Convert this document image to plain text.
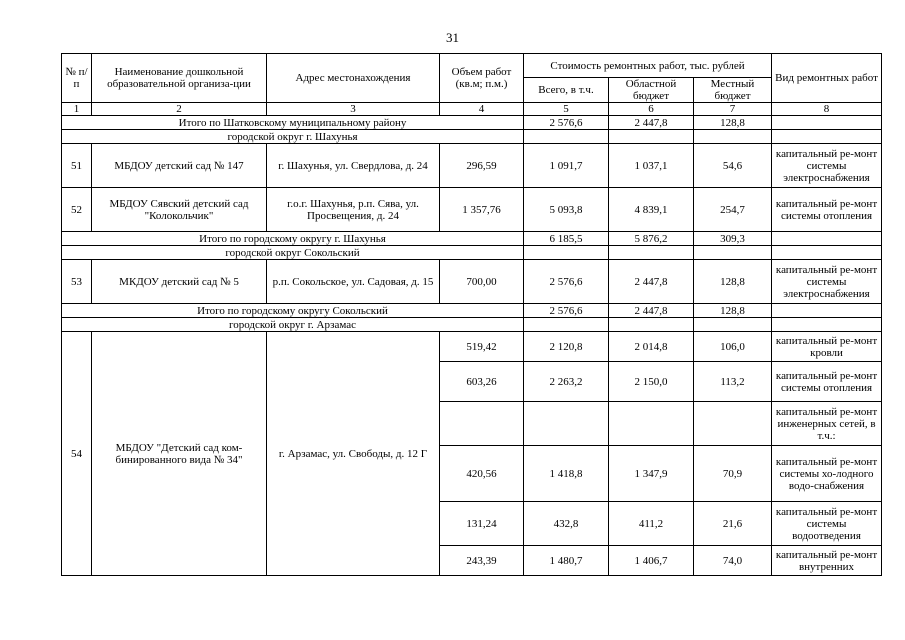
31
№ п/п	Наименование дошкольной образовательной организа-ции	Адрес местонахождения	Объем работ (кв.м; п.м.)	Стоимость ремонтных работ, тыс. рублей			Вид ремонтных работ
				Всего, в т.ч.	Областной бюджет	Местный бюджет	
1	2	3	4	5	6	7	8
Итого по Шатковскому муниципальному району				2 576,6	2 447,8	128,8	
городской округ г. Шахунья							
51	МБДОУ детский сад № 147	г. Шахунья, ул. Свердлова, д. 24	296,59	1 091,7	1 037,1	54,6	капитальный ре-монт системы электроснабжения
52	МБДОУ Сявский детский сад "Колокольчик"	г.о.г. Шахунья, р.п. Сява, ул. Просвещения, д. 24	1 357,76	5 093,8	4 839,1	254,7	капитальный ре-монт системы отопления
Итого по городскому округу г. Шахунья				6 185,5	5 876,2	309,3	
городской округ Сокольский							
53	МКДОУ детский сад № 5	р.п. Сокольское, ул. Садовая, д. 15	700,00	2 576,6	2 447,8	128,8	капитальный ре-монт системы электроснабжения
Итого по городскому округу Сокольский				2 576,6	2 447,8	128,8	
городской округ г. Арзамас							
54	МБДОУ "Детский сад ком-бинированного вида № 34"	г. Арзамас, ул. Свободы, д. 12 Г	519,42	2 120,8	2 014,8	106,0	капитальный ре-монт кровли
			603,26	2 263,2	2 150,0	113,2	капитальный ре-монт системы отопления
							капитальный ре-монт инженерных сетей, в т.ч.:
			420,56	1 418,8	1 347,9	70,9	капитальный ре-монт системы хо-лодного водо-снабжения
			131,24	432,8	411,2	21,6	капитальный ре-монт системы водоотведения
			243,39	1 480,7	1 406,7	74,0	капитальный ре-монт внутренних
